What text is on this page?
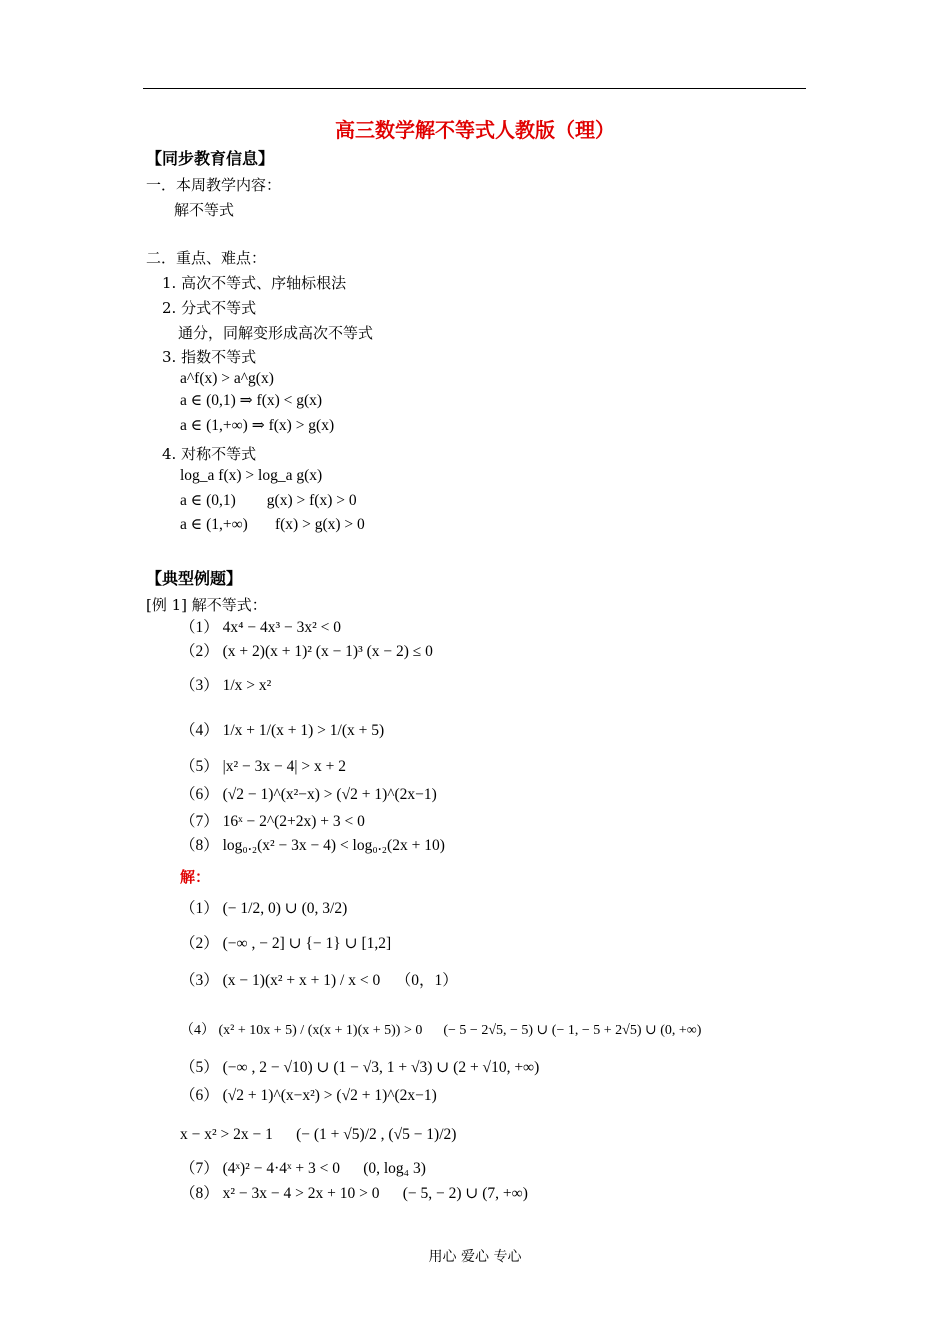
高三数学解不等式人教版（理）
【同步教育信息】
一．本周教学内容：
解不等式
二．重点、难点：
1. 高次不等式、序轴标根法
2. 分式不等式
通分，同解变形成高次不等式
3. 指数不等式
a^f(x) > a^g(x)
a ∈ (0,1) ⇒ f(x) < g(x)
a ∈ (1,+∞) ⇒ f(x) > g(x)
4. 对称不等式
log_a f(x) > log_a g(x)
a ∈ (0,1)        g(x) > f(x) > 0
a ∈ (1,+∞)       f(x) > g(x) > 0
【典型例题】
[例 1] 解不等式：
（1） 4x⁴ − 4x³ − 3x² < 0
（2） (x + 2)(x + 1)² (x − 1)³ (x − 2) ≤ 0
（3） 1/x > x²
（4） 1/x + 1/(x + 1) > 1/(x + 5)
（5） |x² − 3x − 4| > x + 2
（6） (√2 − 1)^(x²−x) > (√2 + 1)^(2x−1)
（7） 16ˣ − 2^(2+2x) + 3 < 0
（8） log₀.₂(x² − 3x − 4) < log₀.₂(2x + 10)
解：
（1） (− 1/2, 0) ∪ (0, 3/2)
（2） (−∞ , − 2] ∪ {− 1} ∪ [1,2]
（3） (x − 1)(x² + x + 1) / x < 0    （0，1）
（4） (x² + 10x + 5) / (x(x + 1)(x + 5)) > 0      (− 5 − 2√5, − 5) ∪ (− 1, − 5 + 2√5) ∪ (0, +∞)
（5） (−∞ , 2 − √10) ∪ (1 − √3, 1 + √3) ∪ (2 + √10, +∞)
（6） (√2 + 1)^(x−x²) > (√2 + 1)^(2x−1)
x − x² > 2x − 1      (− (1 + √5)/2 , (√5 − 1)/2)
（7） (4ˣ)² − 4·4ˣ + 3 < 0      (0, log₄ 3)
（8） x² − 3x − 4 > 2x + 10 > 0      (− 5, − 2) ∪ (7, +∞)
用心 爱心 专心
